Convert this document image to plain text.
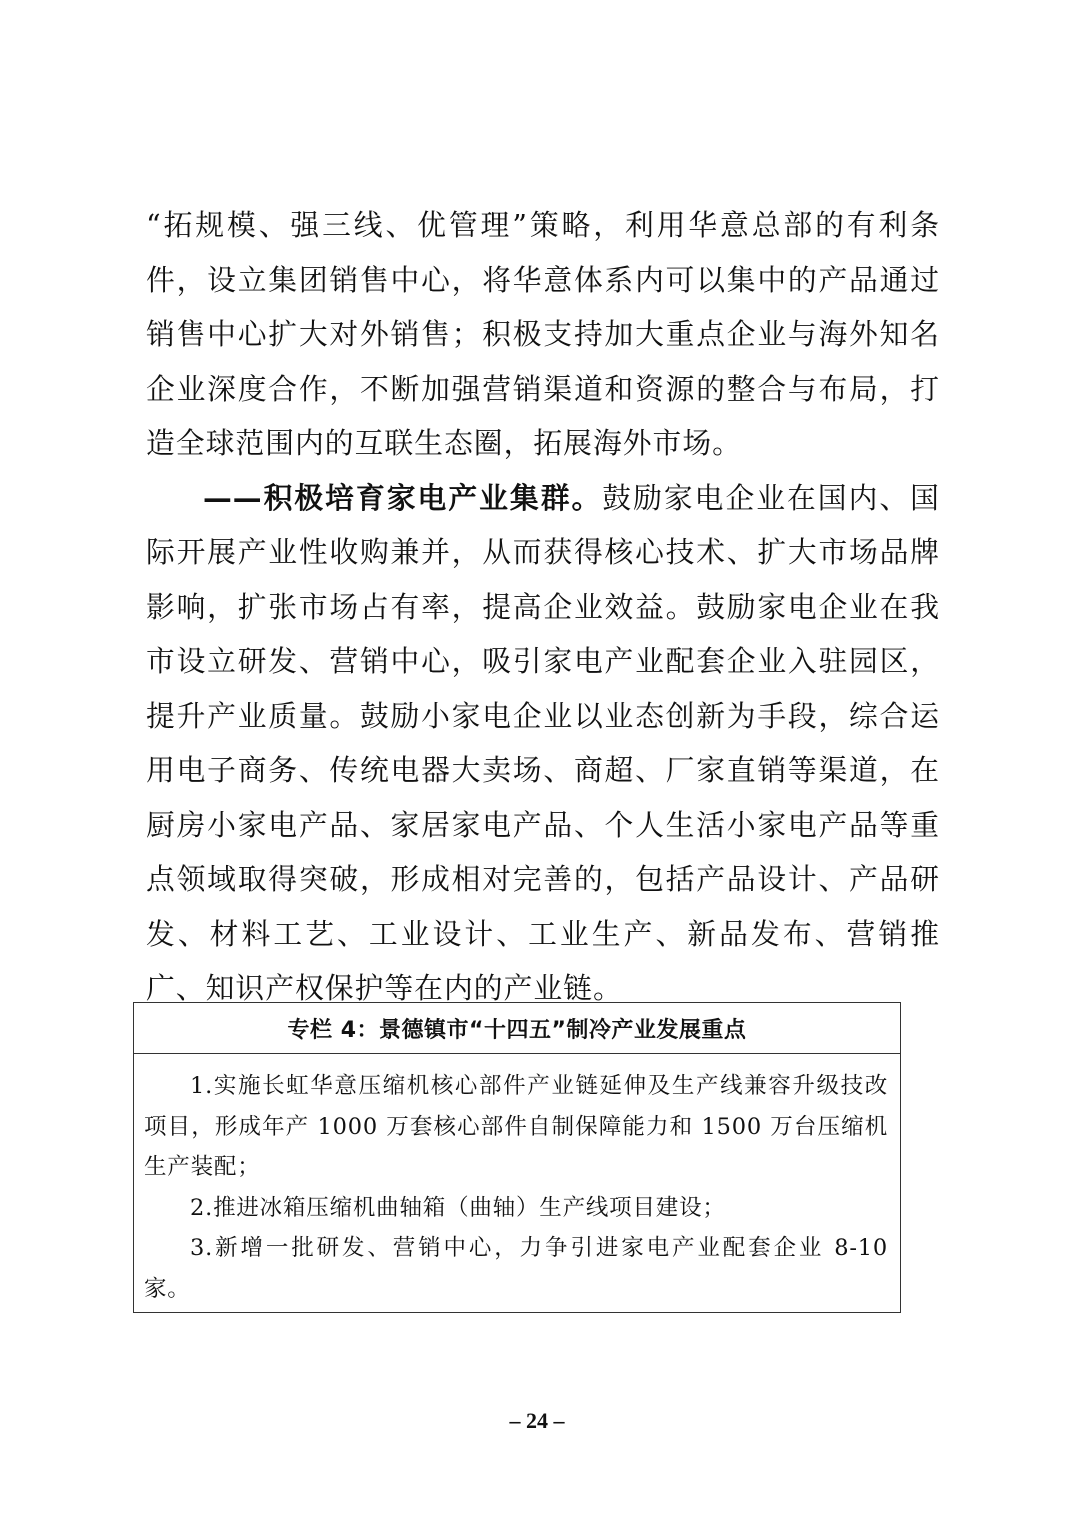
“拓规模、强三线、优管理”策略，利用华意总部的有利条件，设立集团销售中心，将华意体系内可以集中的产品通过销售中心扩大对外销售；积极支持加大重点企业与海外知名企业深度合作，不断加强营销渠道和资源的整合与布局，打造全球范围内的互联生态圈，拓展海外市场。

——积极培育家电产业集群。鼓励家电企业在国内、国际开展产业性收购兼并，从而获得核心技术、扩大市场品牌影响，扩张市场占有率，提高企业效益。鼓励家电企业在我市设立研发、营销中心，吸引家电产业配套企业入驻园区，提升产业质量。鼓励小家电企业以业态创新为手段，综合运用电子商务、传统电器大卖场、商超、厂家直销等渠道，在厨房小家电产品、家居家电产品、个人生活小家电产品等重点领域取得突破，形成相对完善的，包括产品设计、产品研发、材料工艺、工业设计、工业生产、新品发布、营销推广、知识产权保护等在内的产业链。

专栏 4：景德镇市“十四五”制冷产业发展重点

1.实施长虹华意压缩机核心部件产业链延伸及生产线兼容升级技改项目，形成年产 1000 万套核心部件自制保障能力和 1500 万台压缩机生产装配；

2.推进冰箱压缩机曲轴箱（曲轴）生产线项目建设；

3.新增一批研发、营销中心，力争引进家电产业配套企业 8-10 家。

– 24 –
